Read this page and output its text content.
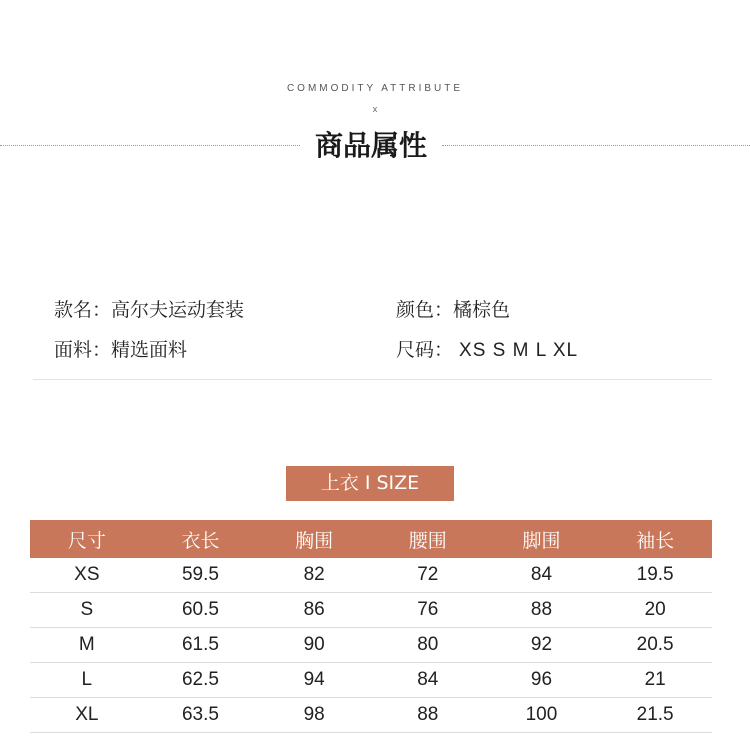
COMMODITY ATTRIBUTE
x
商品属性
款名：高尔夫运动套装	颜色：橘棕色
面料：精选面料	尺码： XS S M L XL
上衣 I SIZE
尺寸	衣长	胸围	腰围	脚围	袖长
XS	59.5	82	72	84	19.5
S	60.5	86	76	88	20
M	61.5	90	80	92	20.5
L	62.5	94	84	96	21
XL	63.5	98	88	100	21.5
